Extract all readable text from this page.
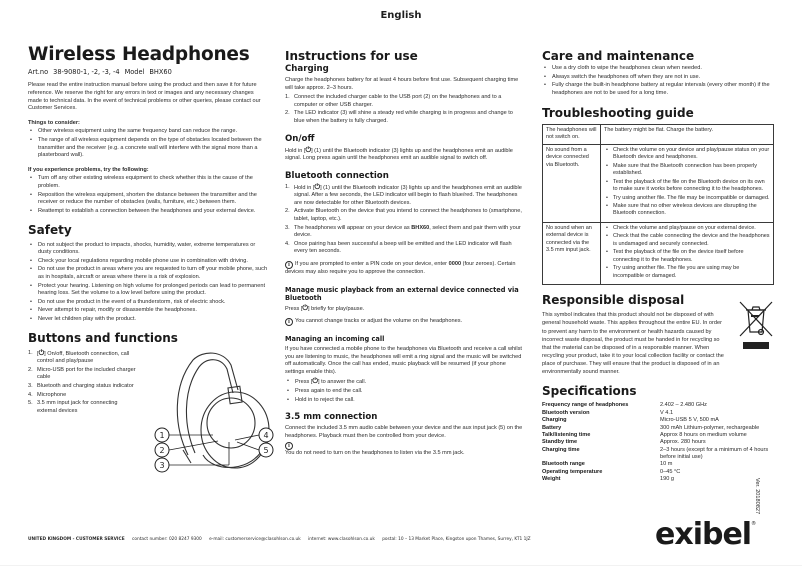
English
Wireless Headphones
Art.no 38-9080-1, -2, -3, -4 Model BHX60

Please read the entire instruction manual before using the product and then save it for future reference. We reserve the right for any errors in text or images and any necessary changes made to technical data. In the event of technical problems or other queries, please contact our Customer Services.

Things to consider:
• Other wireless equipment using the same frequency band can reduce the range.
• The range of all wireless equipment depends on the type of obstacles located between the transmitter and the receiver (e.g. a concrete wall will interfere with the signal more than a plasterboard wall).
If you experience problems, try the following:
• Turn off any other existing wireless equipment to check whether this is the cause of the problem.
• Reposition the wireless equipment, shorten the distance between the transmitter and the receiver or reduce the number of obstacles (walls, furniture, etc.) between them.
• Reattempt to establish a connection between the headphones and your external device.
Safety
• Do not subject the product to impacts, shocks, humidity, water, extreme temperatures or dusty conditions.
• Check your local regulations regarding mobile phone use in combination with driving.
• Do not use the product in areas where you are requested to turn off your mobile phone, such as in hospitals, aircraft or areas where there is a risk of explosion.
• Protect your hearing. Listening on high volume for prolonged periods can lead to permanent hearing loss. Set the volume to a low level before using the product.
• Do not use the product in the event of a thunderstorm, risk of electric shock.
• Never attempt to repair, modify or disassemble the headphones.
• Never let children play with the product.
Buttons and functions
1. [⏻] On/off, Bluetooth connection, call control and play/pause
2. Micro-USB port for the included charger cable
3. Bluetooth and charging status indicator
4. Microphone
5. 3.5 mm input jack for connecting external devices
1
2
3
4
5
Instructions for use
Charging

Charge the headphones battery for at least 4 hours before first use. Subsequent charging time will take approx. 2–3 hours.

1. Connect the included charger cable to the USB port (2) on the headphones and to a computer or other USB charger.
2. The LED indicator (3) will shine a steady red while charging is in progress and change to blue when the battery is fully charged.
On/off

Hold in [⏻] (1) until the Bluetooth indicator (3) lights up and the headphones emit an audible signal. Long press again until the headphones emit an audible signal to switch off.

Bluetooth connection
1. Hold in [⏻] (1) until the Bluetooth indicator (3) lights up and the headphones emit an audible signal. After a few seconds, the LED indicator will begin to flash blue/red. The headphones are now detectable for other Bluetooth devices.
2. Activate Bluetooth on the device that you intend to connect the headphones to (smartphone, tablet, laptop, etc.).
3. The headphones will appear on your device as BHX60, select them and pair them with your device.
4. Once pairing has been successful a beep will be emitted and the LED indicator will flash every ten seconds.

i If you are prompted to enter a PIN code on your device, enter 0000 (four zeroes). Certain devices may also require you to approve the connection.

Manage music playback from an external device connected via Bluetooth

Press [⏻] briefly for play/pause.

i You cannot change tracks or adjust the volume on the headphones.

Managing an incoming call

If you have connected a mobile phone to the headphones via Bluetooth and receive a call whilst you are listening to music, the headphones will emit a ring signal and the music will be switched off automatically. Once the call has ended, music playback will be resumed (if your phone settings enable this).

• Press [⏻] to answer the call.
• Press again to end the call.
• Hold in to reject the call.
3.5 mm connection

Connect the included 3.5 mm audio cable between your device and the aux input jack (5) on the headphones. Playback must then be controlled from your device.

i

You do not need to turn on the headphones to listen via the 3.5 mm jack.

Care and maintenance
• Use a dry cloth to wipe the headphones clean when needed.
• Always switch the headphones off when they are not in use.
• Fully charge the built-in headphone battery at regular intervals (every other month) if the headphones are not to be used for a long time.
Troubleshooting guide
The headphones will not switch on.	The battery might be flat. Charge the battery.
No sound from a device connected via Bluetooth.	
• Check the volume on your device and play/pause status on your Bluetooth device and headphones.
• Make sure that the Bluetooth connection has been properly established.
• Test the playback of the file on the Bluetooth device on its own to make sure it works before connecting it to the headphones.
• Try using another file. The file may be incompatible or damaged.
• Make sure that no other wireless devices are disrupting the Bluetooth connection.

No sound when an external device is connected via the 3.5 mm input jack.	
• Check the volume and play/pause on your external device.
• Check that the cable connecting the device and the headphones is undamaged and securely connected.
• Test the playback of the file on the device itself before connecting it to the headphones.
• Try using another file. The file you are using may be incompatible or damaged.
Responsible disposal

This symbol indicates that this product should not be disposed of with general household waste. This applies throughout the entire EU. In order to prevent any harm to the environment or health hazards caused by incorrect waste disposal, the product must be handed in for recycling so that the material can be disposed of in a responsible manner. When recycling your product, take it to your local collection facility or contact the place of purchase. They will ensure that the product is disposed of in an environmentally sound manner.

Specifications
Frequency range of headphones	2.402 – 2.480 GHz
Bluetooth version	V 4.1
Charging	Micro-USB 5 V, 500 mA
Battery	300 mAh Lithium-polymer, rechargeable
Talk/listening time	Approx 8 hours on medium volume
Standby time	Approx. 280 hours
Charging time	2–3 hours (except for a minimum of 4 hours before initial use)
Bluetooth range	10 m
Operating temperature	0–45 °C
Weight	190 g	Ver. 20180827
UNITED KINGDOM - CUSTOMER SERVICE contact number: 020 8247 9300 e-mail: customerservice@clasohlson.co.uk internet: www.clasohlson.co.uk postal: 10 – 13 Market Place, Kingston upon Thames, Surrey, KT1 1JZ	exibel ®
